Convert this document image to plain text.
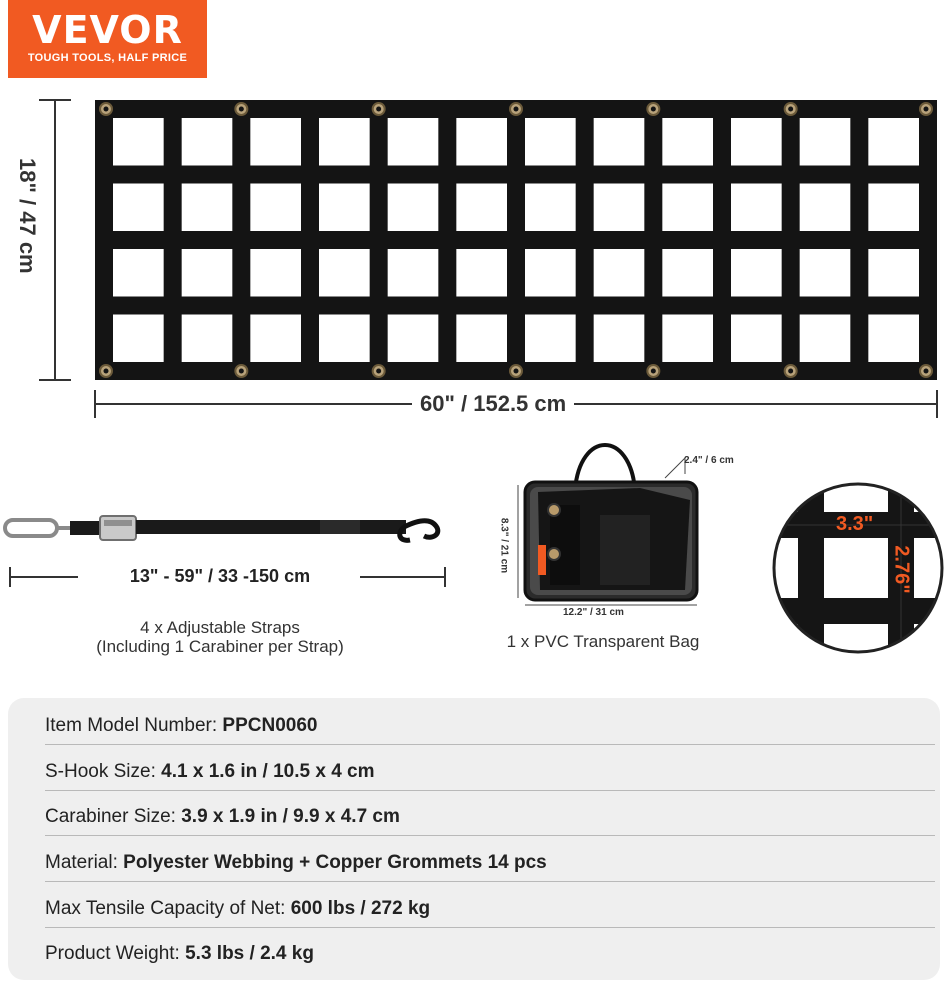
VEVOR
TOUGH TOOLS, HALF PRICE
18" / 47 cm
60" / 152.5 cm
13" - 59" / 33 -150 cm
4 x Adjustable Straps
(Including 1 Carabiner per Strap)
2.4" / 6 cm
8.3" / 21 cm
12.2" / 31 cm
1 x PVC Transparent Bag
3.3"
2.76"
Item Model Number: PPCN0060
S-Hook Size: 4.1 x 1.6 in / 10.5 x 4 cm
Carabiner Size: 3.9 x 1.9 in / 9.9 x 4.7 cm
Material: Polyester Webbing + Copper Grommets 14 pcs
Max Tensile Capacity of Net: 600 lbs / 272 kg
Product Weight: 5.3 lbs / 2.4 kg
